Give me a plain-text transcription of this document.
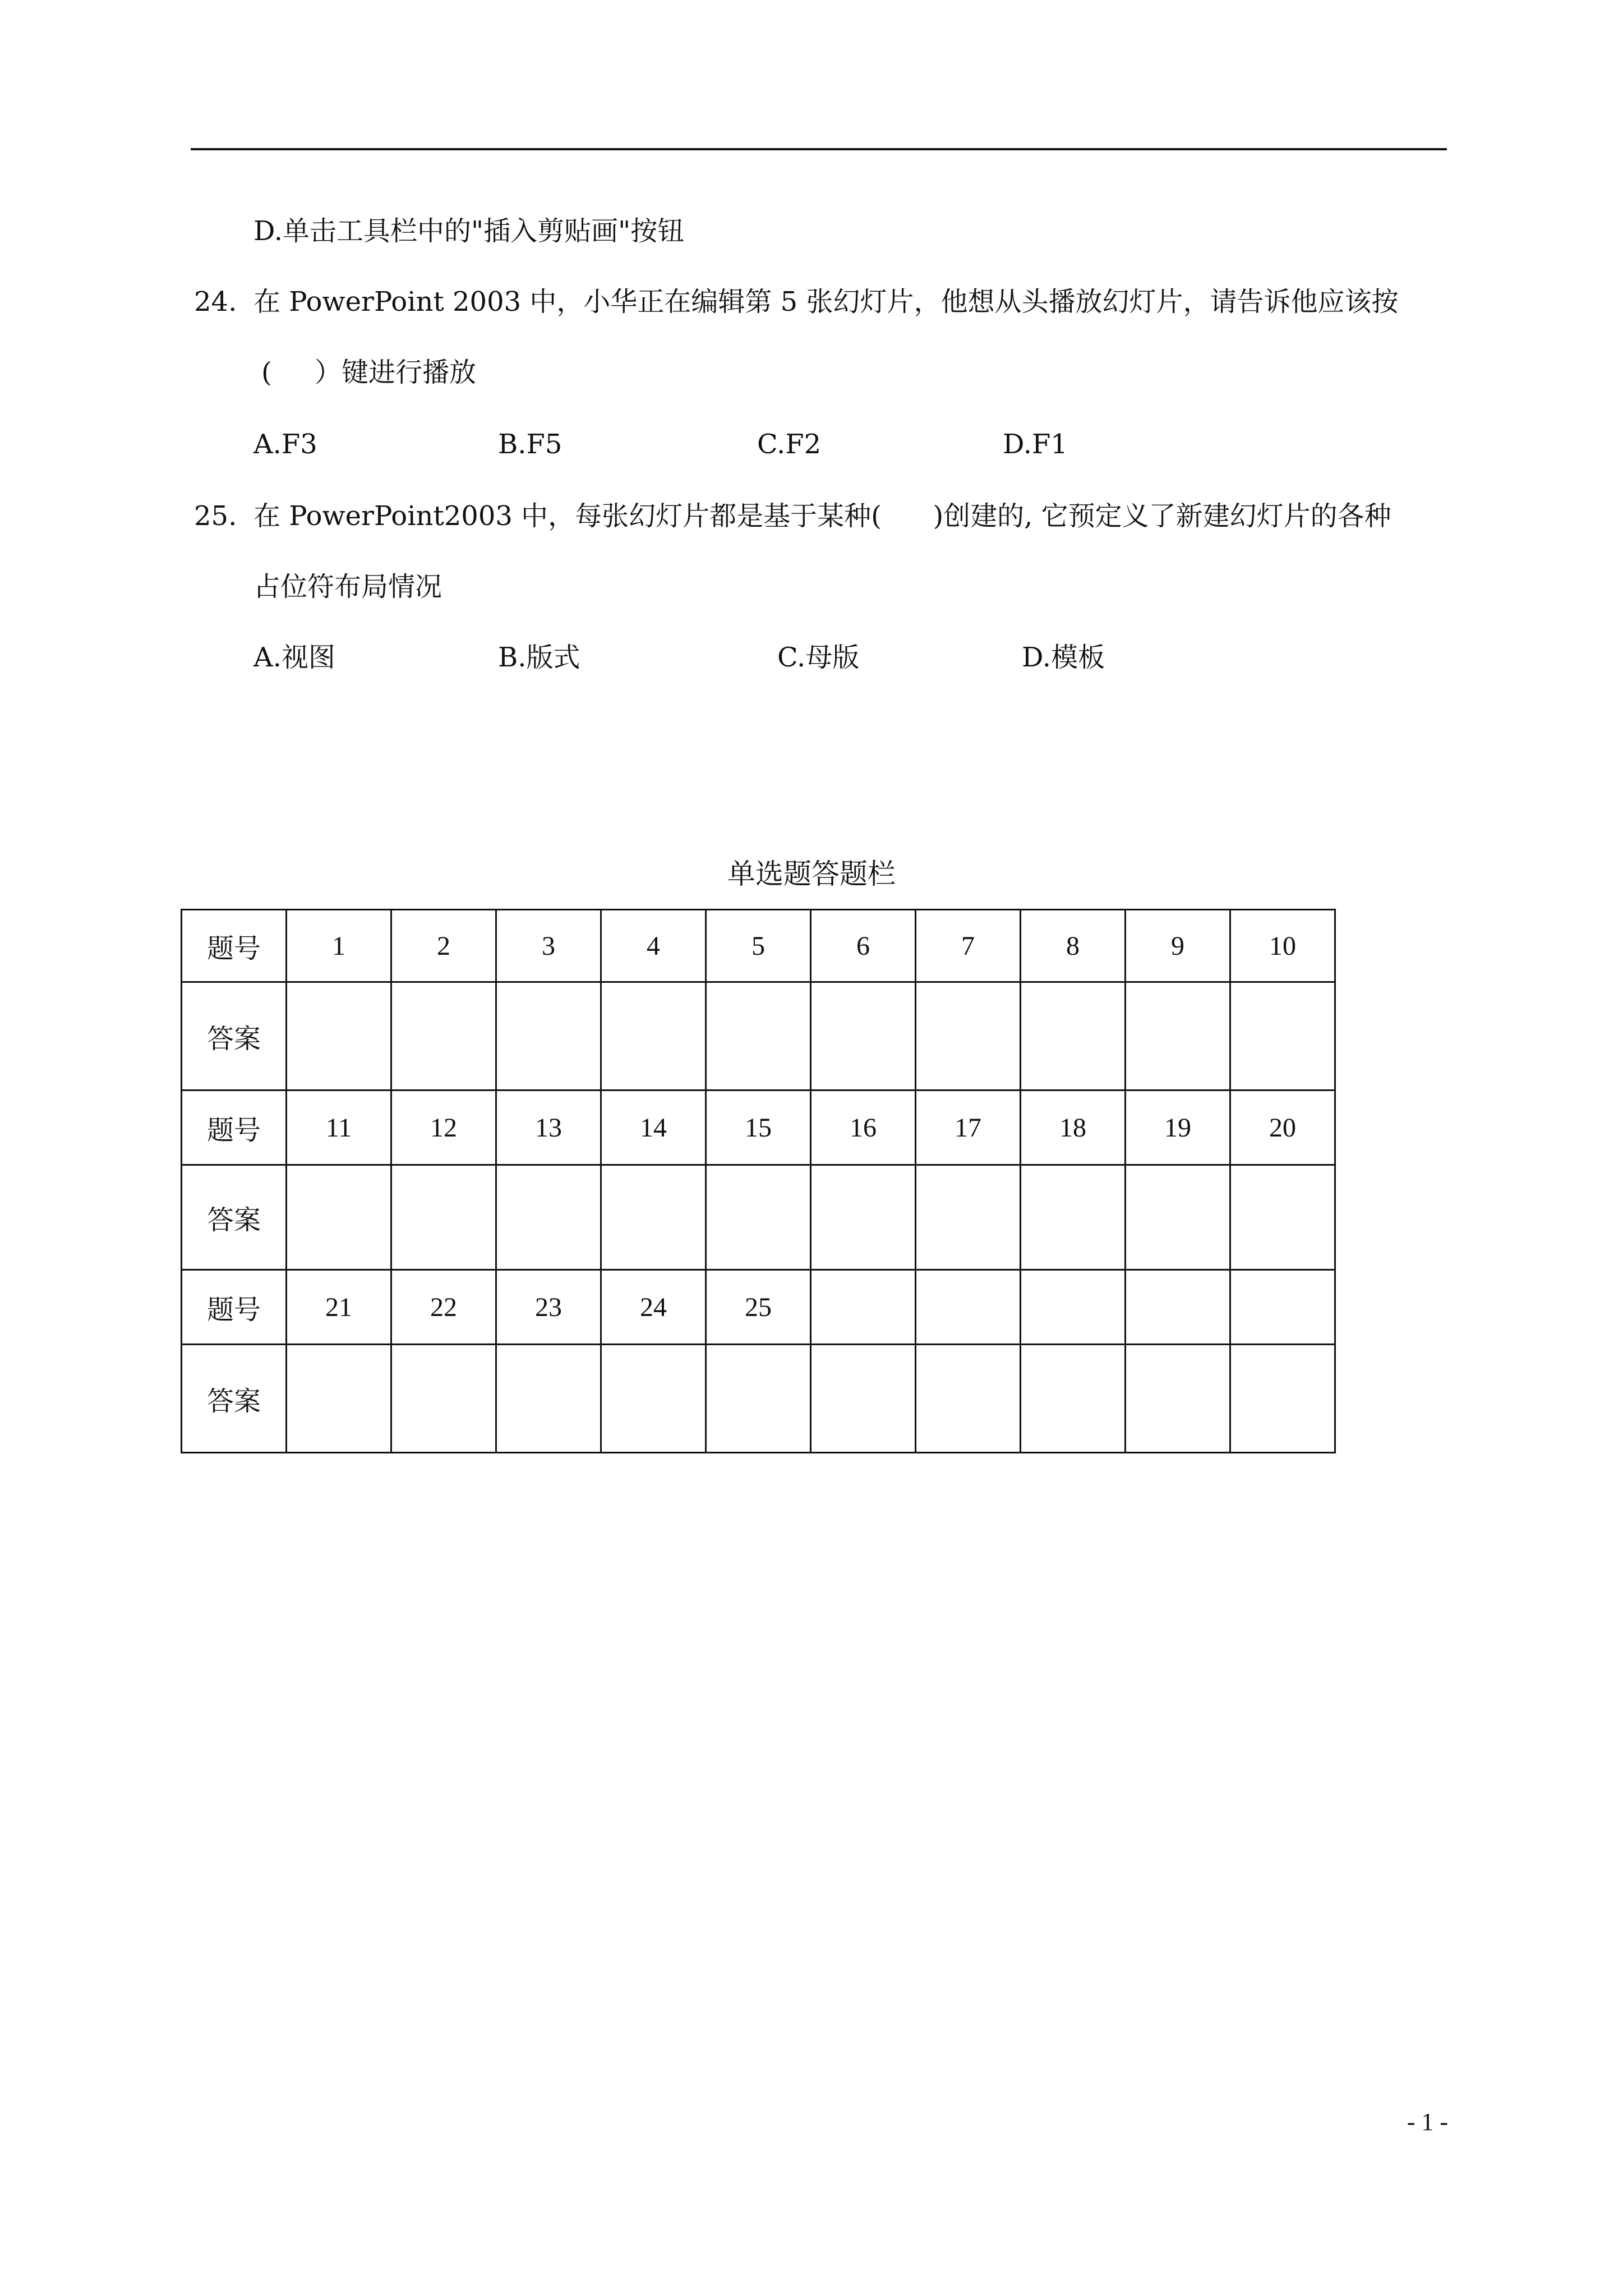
D.单击工具栏中的"插入剪贴画"按钮
24. 在 PowerPoint 2003 中，小华正在编辑第 5 张幻灯片，他想从头播放幻灯片，请告诉他应该按
(     ）键进行播放
A.F3	B.F5	C.F2	D.F1
25. 在 PowerPoint2003 中，每张幻灯片都是基于某种(      )创建的, 它预定义了新建幻灯片的各种
占位符布局情况
A.视图	B.版式	C.母版	D.模板
单选题答题栏
题号	1	2	3	4	5	6	7	8	9	10
答案										
题号	11	12	13	14	15	16	17	18	19	20
答案										
题号	21	22	23	24	25					
答案										
- 1 -
